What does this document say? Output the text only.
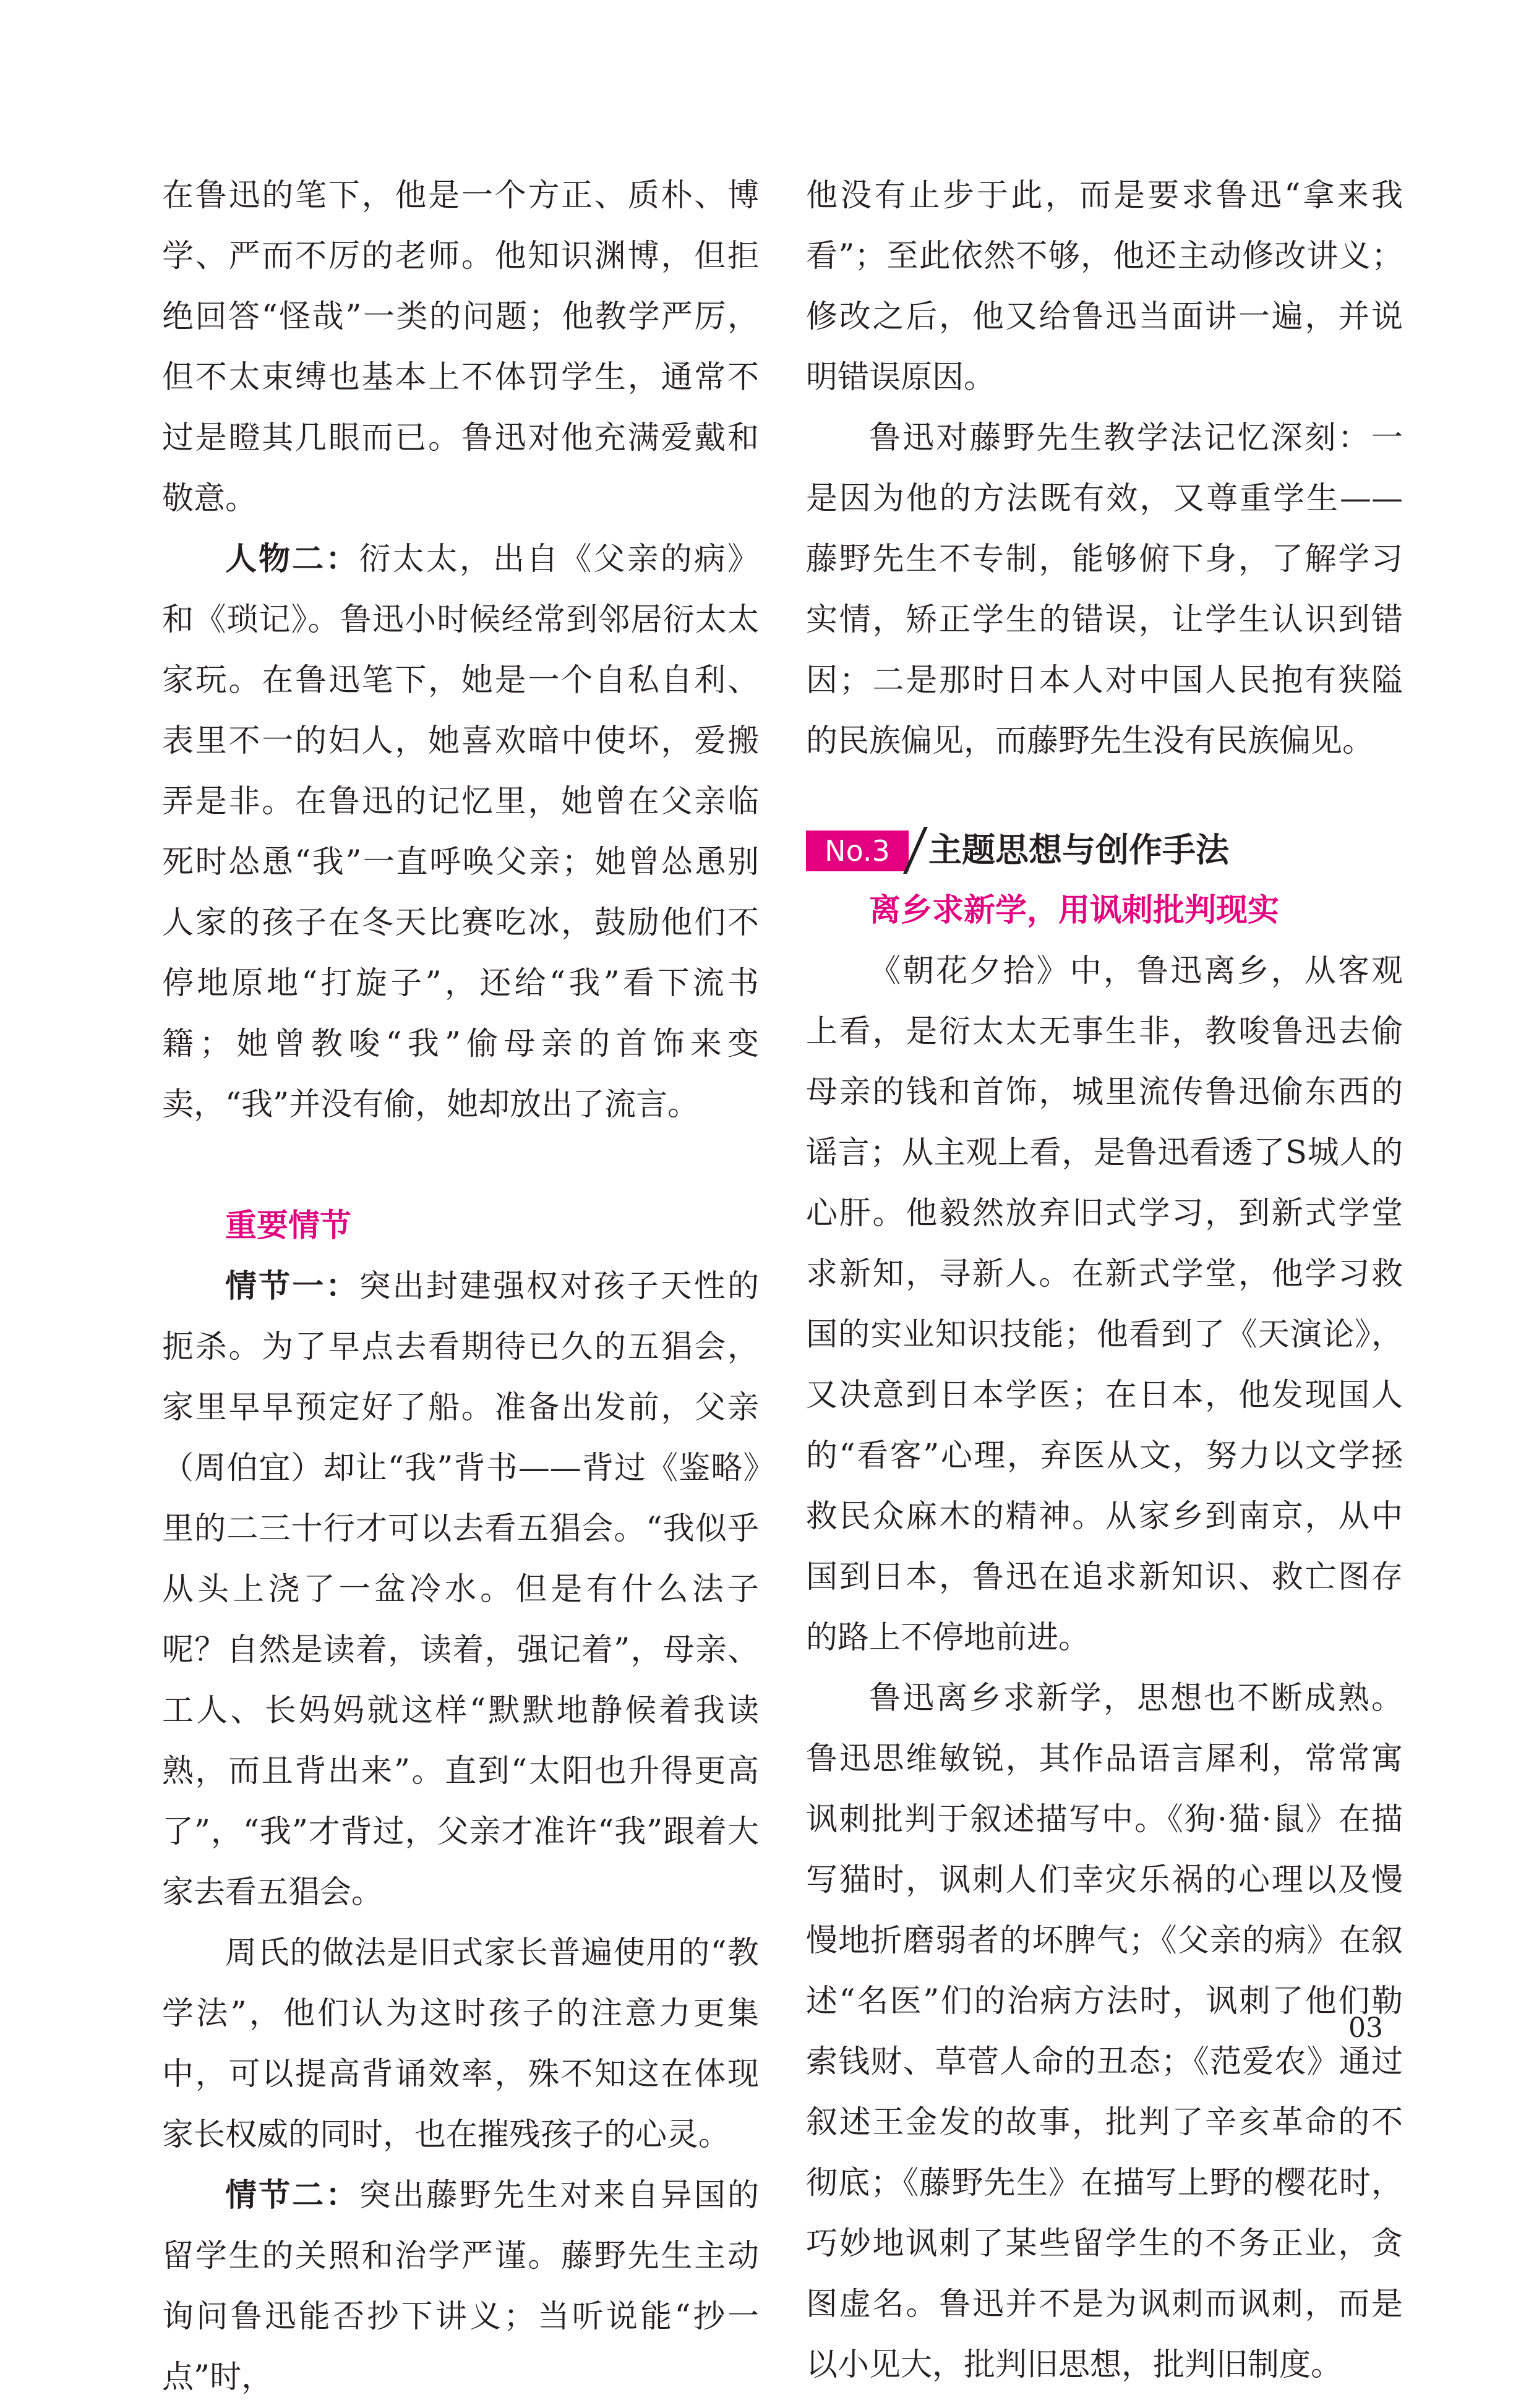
在鲁迅的笔下，他是一个方正、质朴、博学、严而不厉的老师。他知识渊博，但拒绝回答“怪哉”一类的问题；他教学严厉，但不太束缚也基本上不体罚学生，通常不过是瞪其几眼而已。鲁迅对他充满爱戴和敬意。

人物二：衍太太，出自《父亲的病》和《琐记》。鲁迅小时候经常到邻居衍太太家玩。在鲁迅笔下，她是一个自私自利、表里不一的妇人，她喜欢暗中使坏，爱搬弄是非。在鲁迅的记忆里，她曾在父亲临死时怂恿“我”一直呼唤父亲；她曾怂恿别人家的孩子在冬天比赛吃冰，鼓励他们不停地原地“打旋子”，还给“我”看下流书籍；她曾教唆“我”偷母亲的首饰来变卖，“我”并没有偷，她却放出了流言。

重要情节

情节一：突出封建强权对孩子天性的扼杀。为了早点去看期待已久的五猖会，家里早早预定好了船。准备出发前，父亲（周伯宜）却让“我”背书——背过《鉴略》里的二三十行才可以去看五猖会。“我似乎从头上浇了一盆冷水。但是有什么法子呢？自然是读着，读着，强记着”，母亲、工人、长妈妈就这样“默默地静候着我读熟，而且背出来”。直到“太阳也升得更高了”，“我”才背过，父亲才准许“我”跟着大家去看五猖会。

周氏的做法是旧式家长普遍使用的“教学法”，他们认为这时孩子的注意力更集中，可以提高背诵效率，殊不知这在体现家长权威的同时，也在摧残孩子的心灵。

情节二：突出藤野先生对来自异国的留学生的关照和治学严谨。藤野先生主动询问鲁迅能否抄下讲义；当听说能“抄一点”时，

他没有止步于此，而是要求鲁迅“拿来我看”；至此依然不够，他还主动修改讲义；修改之后，他又给鲁迅当面讲一遍，并说明错误原因。

鲁迅对藤野先生教学法记忆深刻：一是因为他的方法既有效，又尊重学生——藤野先生不专制，能够俯下身，了解学习实情，矫正学生的错误，让学生认识到错因；二是那时日本人对中国人民抱有狭隘的民族偏见，而藤野先生没有民族偏见。

No.3	主题思想与创作手法

离乡求新学，用讽刺批判现实

《朝花夕拾》中，鲁迅离乡，从客观上看，是衍太太无事生非，教唆鲁迅去偷母亲的钱和首饰，城里流传鲁迅偷东西的谣言；从主观上看，是鲁迅看透了S城人的心肝。他毅然放弃旧式学习，到新式学堂求新知，寻新人。在新式学堂，他学习救国的实业知识技能；他看到了《天演论》，又决意到日本学医；在日本，他发现国人的“看客”心理，弃医从文，努力以文学拯救民众麻木的精神。从家乡到南京，从中国到日本，鲁迅在追求新知识、救亡图存的路上不停地前进。

鲁迅离乡求新学，思想也不断成熟。鲁迅思维敏锐，其作品语言犀利，常常寓讽刺批判于叙述描写中。《狗·猫·鼠》在描写猫时，讽刺人们幸灾乐祸的心理以及慢慢地折磨弱者的坏脾气；《父亲的病》在叙述“名医”们的治病方法时，讽刺了他们勒索钱财、草菅人命的丑态；《范爱农》通过叙述王金发的故事，批判了辛亥革命的不彻底；《藤野先生》在描写上野的樱花时，巧妙地讽刺了某些留学生的不务正业，贪图虚名。鲁迅并不是为讽刺而讽刺，而是以小见大，批判旧思想，批判旧制度。

03
